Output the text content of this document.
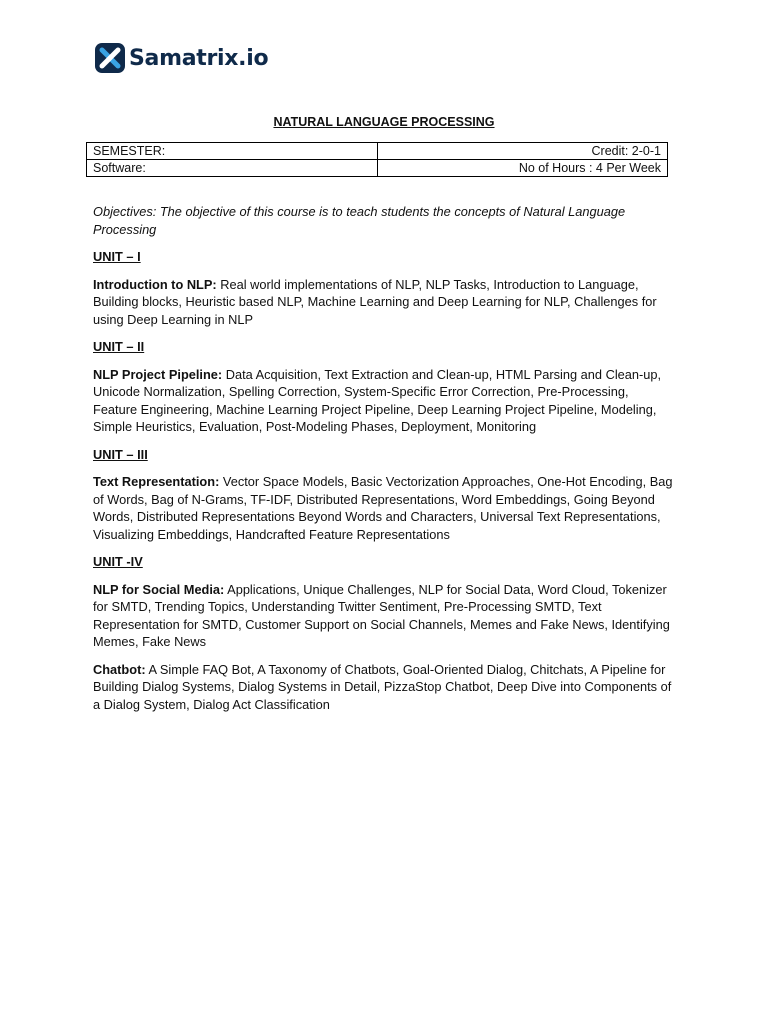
Samatrix.io
NATURAL LANGUAGE PROCESSING
SEMESTER:	Credit: 2-0-1
Software:	No of Hours : 4 Per Week

Objectives: The objective of this course is to teach students the concepts of Natural Language Processing

UNIT – I

Introduction to NLP: Real world implementations of NLP, NLP Tasks, Introduction to Language, Building blocks, Heuristic based NLP, Machine Learning and Deep Learning for NLP, Challenges for using Deep Learning in NLP

UNIT – II

NLP Project Pipeline: Data Acquisition, Text Extraction and Clean-up, HTML Parsing and Clean-up, Unicode Normalization, Spelling Correction, System-Specific Error Correction, Pre-Processing, Feature Engineering, Machine Learning Project Pipeline, Deep Learning Project Pipeline, Modeling, Simple Heuristics, Evaluation, Post-Modeling Phases, Deployment, Monitoring

UNIT – III

Text Representation: Vector Space Models, Basic Vectorization Approaches, One-Hot Encoding, Bag of Words, Bag of N-Grams, TF-IDF, Distributed Representations, Word Embeddings, Going Beyond Words, Distributed Representations Beyond Words and Characters, Universal Text Representations, Visualizing Embeddings, Handcrafted Feature Representations

UNIT -IV

NLP for Social Media: Applications, Unique Challenges, NLP for Social Data, Word Cloud, Tokenizer for SMTD, Trending Topics, Understanding Twitter Sentiment, Pre-Processing SMTD, Text Representation for SMTD, Customer Support on Social Channels, Memes and Fake News, Identifying Memes, Fake News

Chatbot: A Simple FAQ Bot, A Taxonomy of Chatbots, Goal-Oriented Dialog, Chitchats, A Pipeline for Building Dialog Systems, Dialog Systems in Detail, PizzaStop Chatbot, Deep Dive into Components of a Dialog System, Dialog Act Classification
